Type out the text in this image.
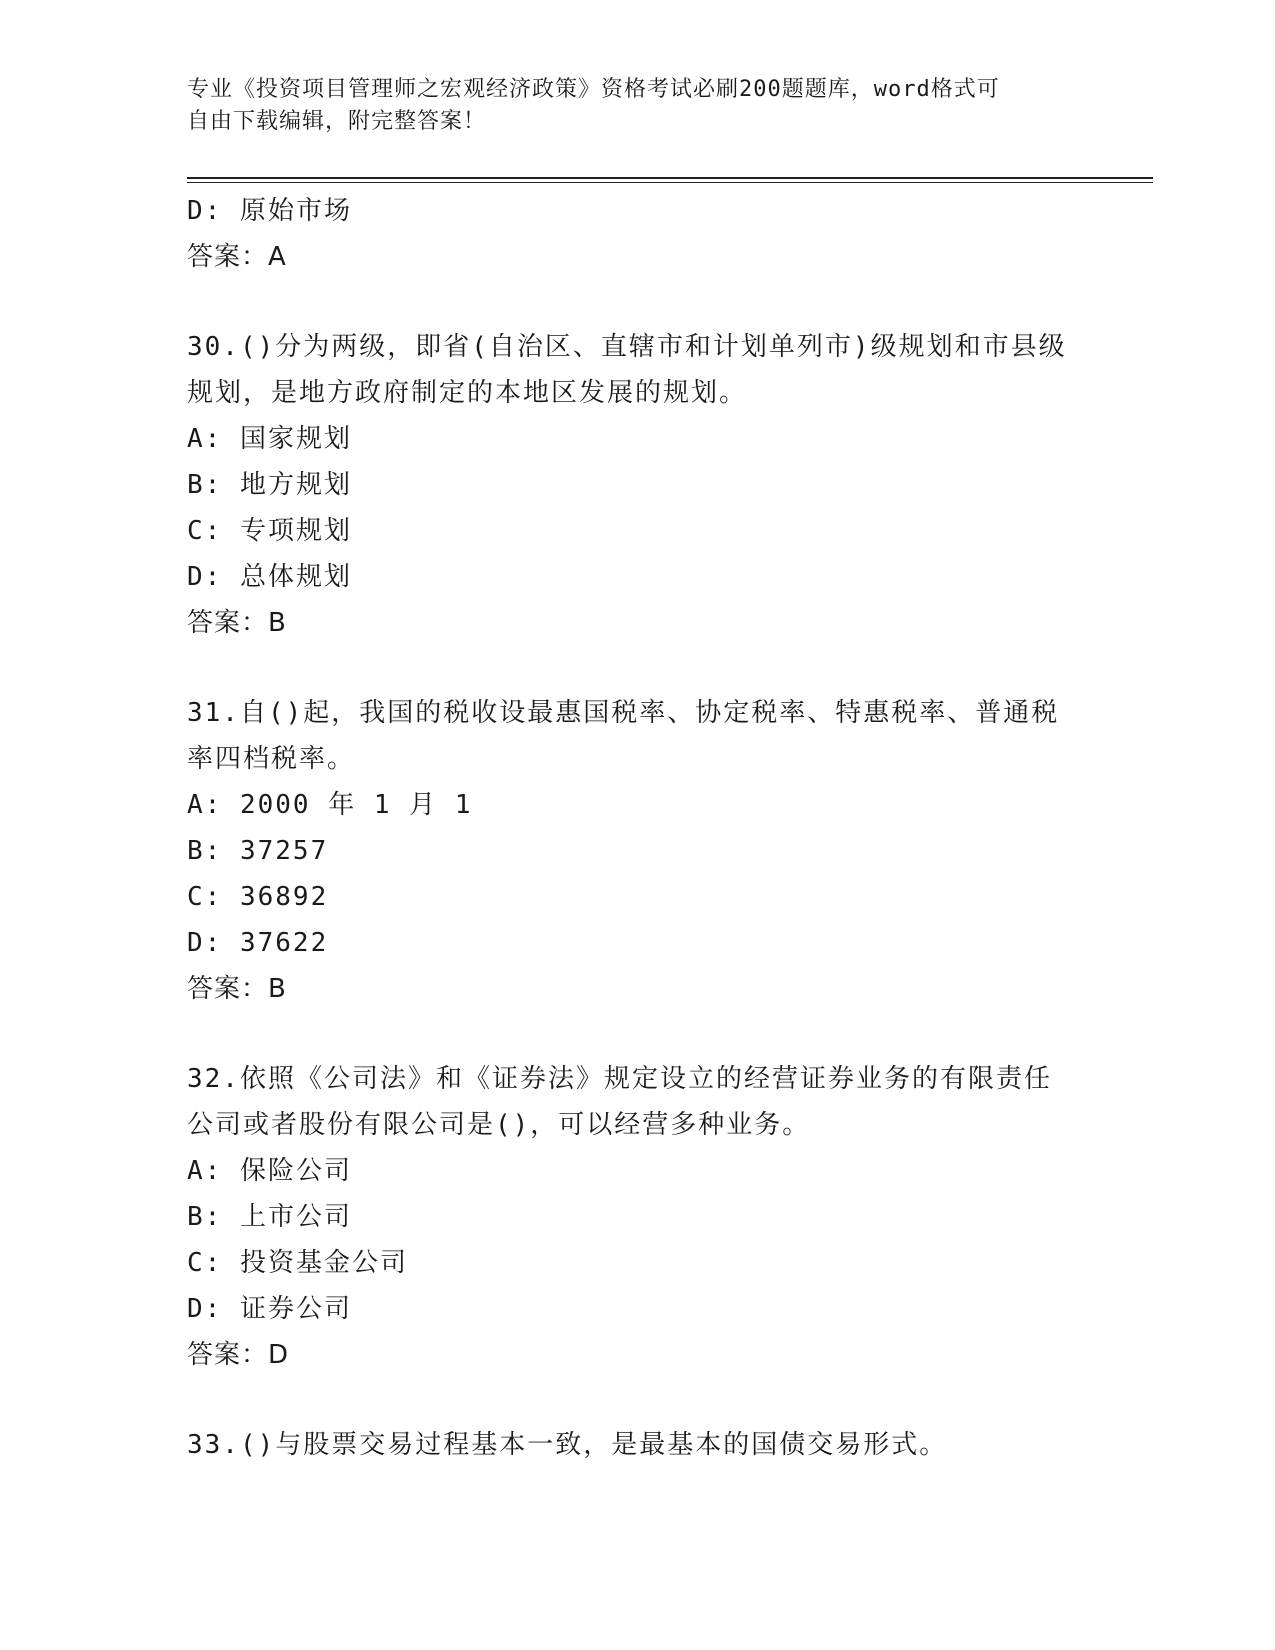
专业《投资项目管理师之宏观经济政策》资格考试必刷200题题库，word格式可
自由下载编辑，附完整答案！
D: 原始市场
答案：A
30.()分为两级，即省(自治区、直辖市和计划单列市)级规划和市县级
规划，是地方政府制定的本地区发展的规划。
A: 国家规划
B: 地方规划
C: 专项规划
D: 总体规划
答案：B
31.自()起，我国的税收设最惠国税率、协定税率、特惠税率、普通税
率四档税率。
A: 2000 年 1 月 1
B: 37257
C: 36892
D: 37622
答案：B
32.依照《公司法》和《证券法》规定设立的经营证券业务的有限责任
公司或者股份有限公司是()，可以经营多种业务。
A: 保险公司
B: 上市公司
C: 投资基金公司
D: 证券公司
答案：D
33.()与股票交易过程基本一致，是最基本的国债交易形式。
